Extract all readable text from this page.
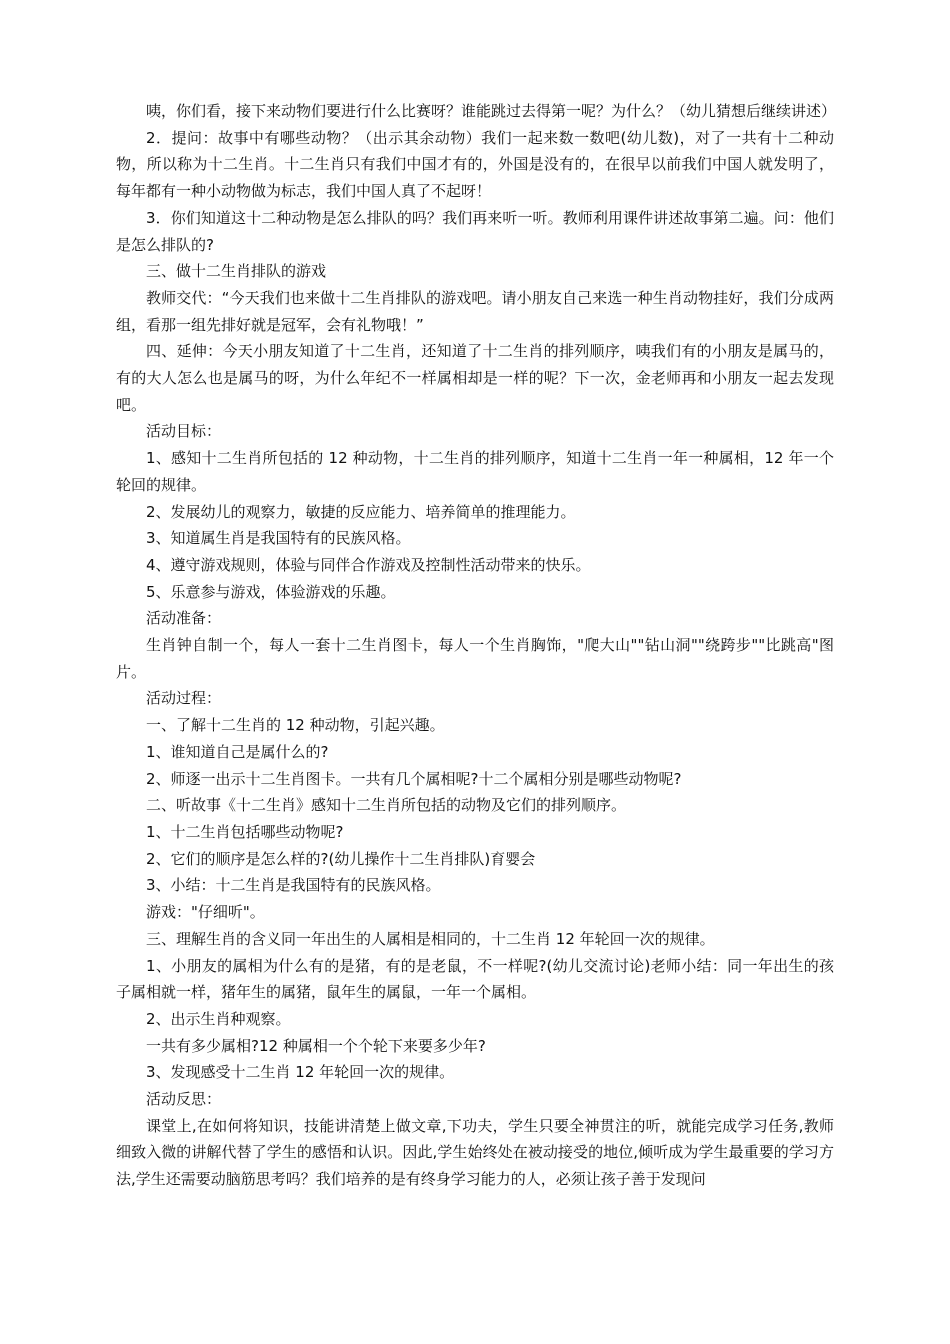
咦，你们看，接下来动物们要进行什么比赛呀？谁能跳过去得第一呢？为什么？（幼儿猜想后继续讲述）

2．提问：故事中有哪些动物？（出示其余动物）我们一起来数一数吧(幼儿数)，对了一共有十二种动物，所以称为十二生肖。十二生肖只有我们中国才有的，外国是没有的，在很早以前我们中国人就发明了，每年都有一种小动物做为标志，我们中国人真了不起呀！

3．你们知道这十二种动物是怎么排队的吗？我们再来听一听。教师利用课件讲述故事第二遍。问：他们是怎么排队的?

三、做十二生肖排队的游戏

教师交代：“今天我们也来做十二生肖排队的游戏吧。请小朋友自己来选一种生肖动物挂好，我们分成两组，看那一组先排好就是冠军，会有礼物哦！”

四、延伸：今天小朋友知道了十二生肖，还知道了十二生肖的排列顺序，咦我们有的小朋友是属马的，有的大人怎么也是属马的呀，为什么年纪不一样属相却是一样的呢？下一次，金老师再和小朋友一起去发现吧。

活动目标：

1、感知十二生肖所包括的 12 种动物，十二生肖的排列顺序，知道十二生肖一年一种属相，12 年一个轮回的规律。

2、发展幼儿的观察力，敏捷的反应能力、培养简单的推理能力。

3、知道属生肖是我国特有的民族风格。

4、遵守游戏规则，体验与同伴合作游戏及控制性活动带来的快乐。

5、乐意参与游戏，体验游戏的乐趣。

活动准备：

生肖钟自制一个，每人一套十二生肖图卡，每人一个生肖胸饰，"爬大山""钻山洞""绕跨步""比跳高"图片。

活动过程：

一、了解十二生肖的 12 种动物，引起兴趣。

1、谁知道自己是属什么的?

2、师逐一出示十二生肖图卡。一共有几个属相呢?十二个属相分别是哪些动物呢?

二、听故事《十二生肖》感知十二生肖所包括的动物及它们的排列顺序。

1、十二生肖包括哪些动物呢?

2、它们的顺序是怎么样的?(幼儿操作十二生肖排队)育婴会

3、小结：十二生肖是我国特有的民族风格。

游戏："仔细听"。

三、理解生肖的含义同一年出生的人属相是相同的，十二生肖 12 年轮回一次的规律。

1、小朋友的属相为什么有的是猪，有的是老鼠，不一样呢?(幼儿交流讨论)老师小结：同一年出生的孩子属相就一样，猪年生的属猪，鼠年生的属鼠，一年一个属相。

2、出示生肖种观察。

一共有多少属相?12 种属相一个个轮下来要多少年?

3、发现感受十二生肖 12 年轮回一次的规律。

活动反思：

课堂上,在如何将知识，技能讲清楚上做文章,下功夫，学生只要全神贯注的听，就能完成学习任务,教师细致入微的讲解代替了学生的感悟和认识。因此,学生始终处在被动接受的地位,倾听成为学生最重要的学习方法,学生还需要动脑筋思考吗？我们培养的是有终身学习能力的人，必须让孩子善于发现问
